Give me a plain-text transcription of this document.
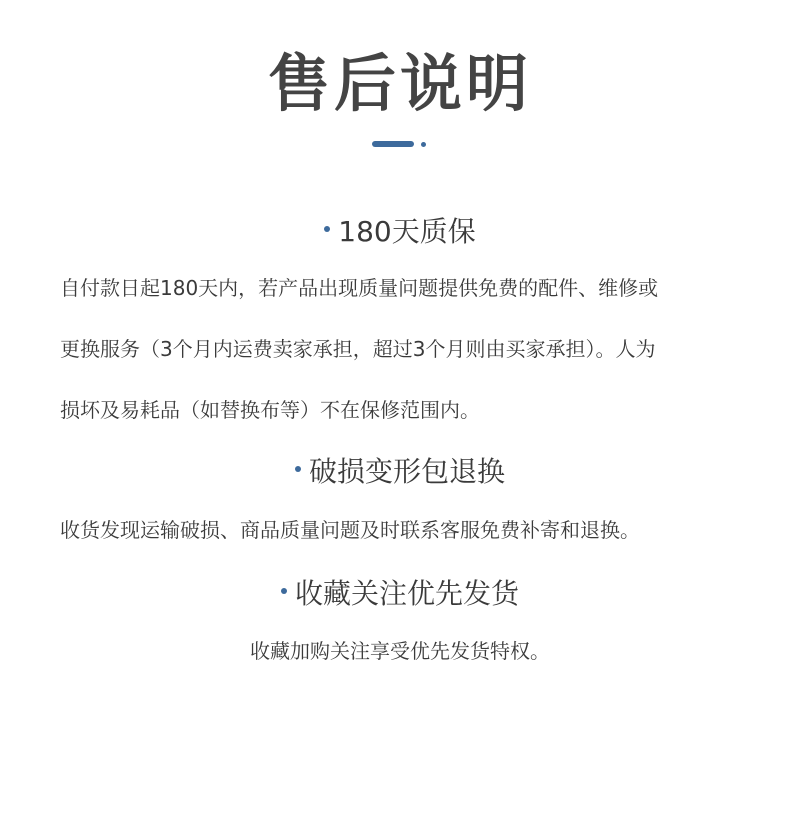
售后说明
180天质保
自付款日起180天内，若产品出现质量问题提供免费的配件、维修或
更换服务（3个月内运费卖家承担，超过3个月则由买家承担）。人为
损坏及易耗品（如替换布等）不在保修范围内。
破损变形包退换
收货发现运输破损、商品质量问题及时联系客服免费补寄和退换。
收藏关注优先发货
收藏加购关注享受优先发货特权。
